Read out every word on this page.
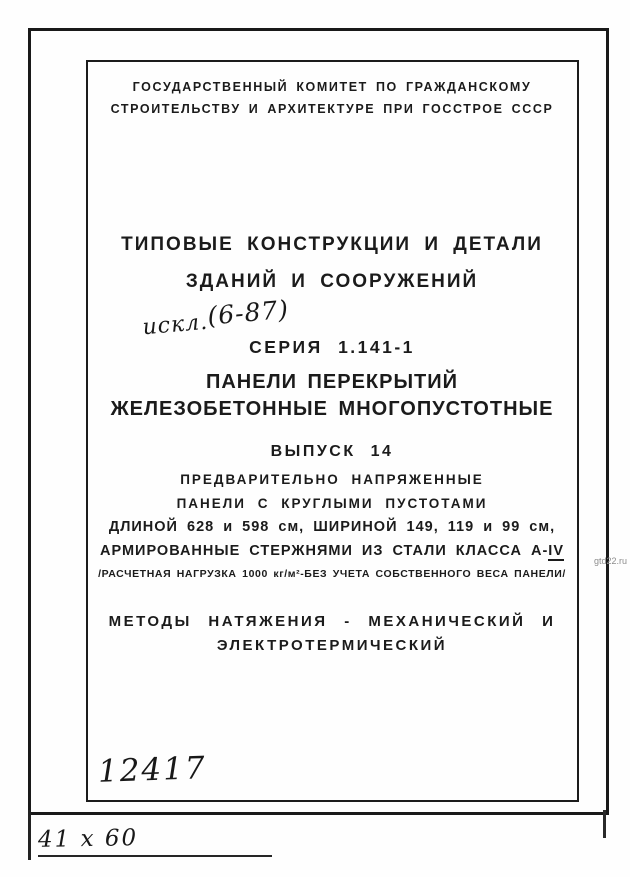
ГОСУДАРСТВЕННЫЙ КОМИТЕТ ПО ГРАЖДАНСКОМУ
СТРОИТЕЛЬСТВУ И АРХИТЕКТУРЕ ПРИ ГОССТРОЕ СССР
ТИПОВЫЕ КОНСТРУКЦИИ И ДЕТАЛИ
ЗДАНИЙ И СООРУЖЕНИЙ
искл.(6-87)
СЕРИЯ 1.141-1
ПАНЕЛИ ПЕРЕКРЫТИЙ
ЖЕЛЕЗОБЕТОННЫЕ МНОГОПУСТОТНЫЕ
ВЫПУСК 14
ПРЕДВАРИТЕЛЬНО НАПРЯЖЕННЫЕ
ПАНЕЛИ С КРУГЛЫМИ ПУСТОТАМИ
ДЛИНОЙ 628 и 598 см, ШИРИНОЙ 149, 119 и 99 см,
АРМИРОВАННЫЕ СТЕРЖНЯМИ ИЗ СТАЛИ КЛАССА А-IV
/РАСЧЕТНАЯ НАГРУЗКА 1000 кг/м²-БЕЗ УЧЕТА СОБСТВЕННОГО ВЕСА ПАНЕЛИ/
МЕТОДЫ НАТЯЖЕНИЯ - МЕХАНИЧЕСКИЙ И
ЭЛЕКТРОТЕРМИЧЕСКИЙ
12417
41 х 60
gtd22.ru
